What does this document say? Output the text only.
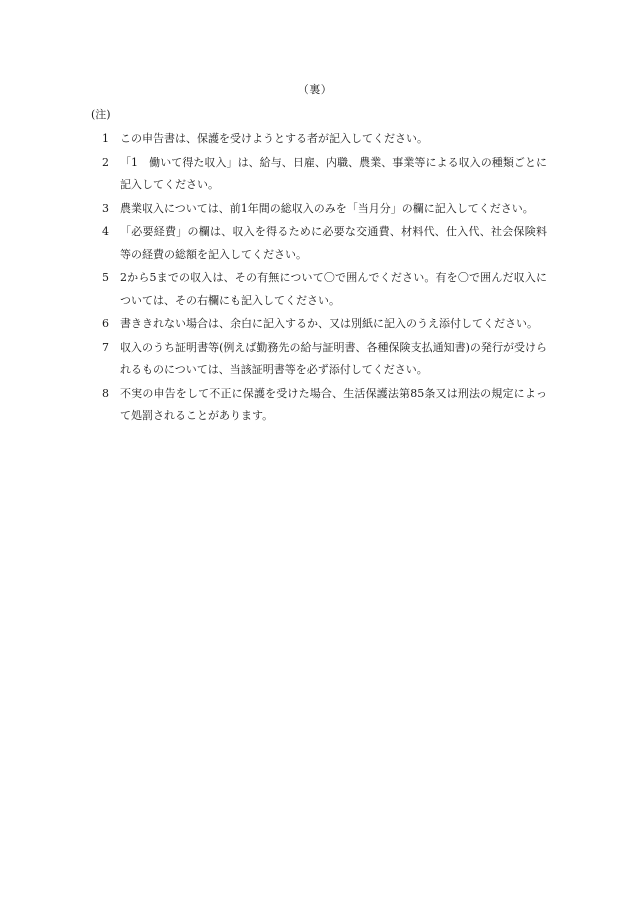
（裏）
(注)
1	この申告書は、保護を受けようとする者が記入してください。
2	「1　働いて得た収入」は、給与、日雇、内職、農業、事業等による収入の種類ごとに記入してください。
3	農業収入については、前1年間の総収入のみを「当月分」の欄に記入してください。
4	「必要経費」の欄は、収入を得るために必要な交通費、材料代、仕入代、社会保険料等の経費の総額を記入してください。
5	2から5までの収入は、その有無について〇で囲んでください。有を〇で囲んだ収入については、その右欄にも記入してください。
6	書ききれない場合は、余白に記入するか、又は別紙に記入のうえ添付してください。
7	収入のうち証明書等(例えば勤務先の給与証明書、各種保険支払通知書)の発行が受けられるものについては、当該証明書等を必ず添付してください。
8	不実の申告をして不正に保護を受けた場合、生活保護法第85条又は刑法の規定によって処罰されることがあります。
